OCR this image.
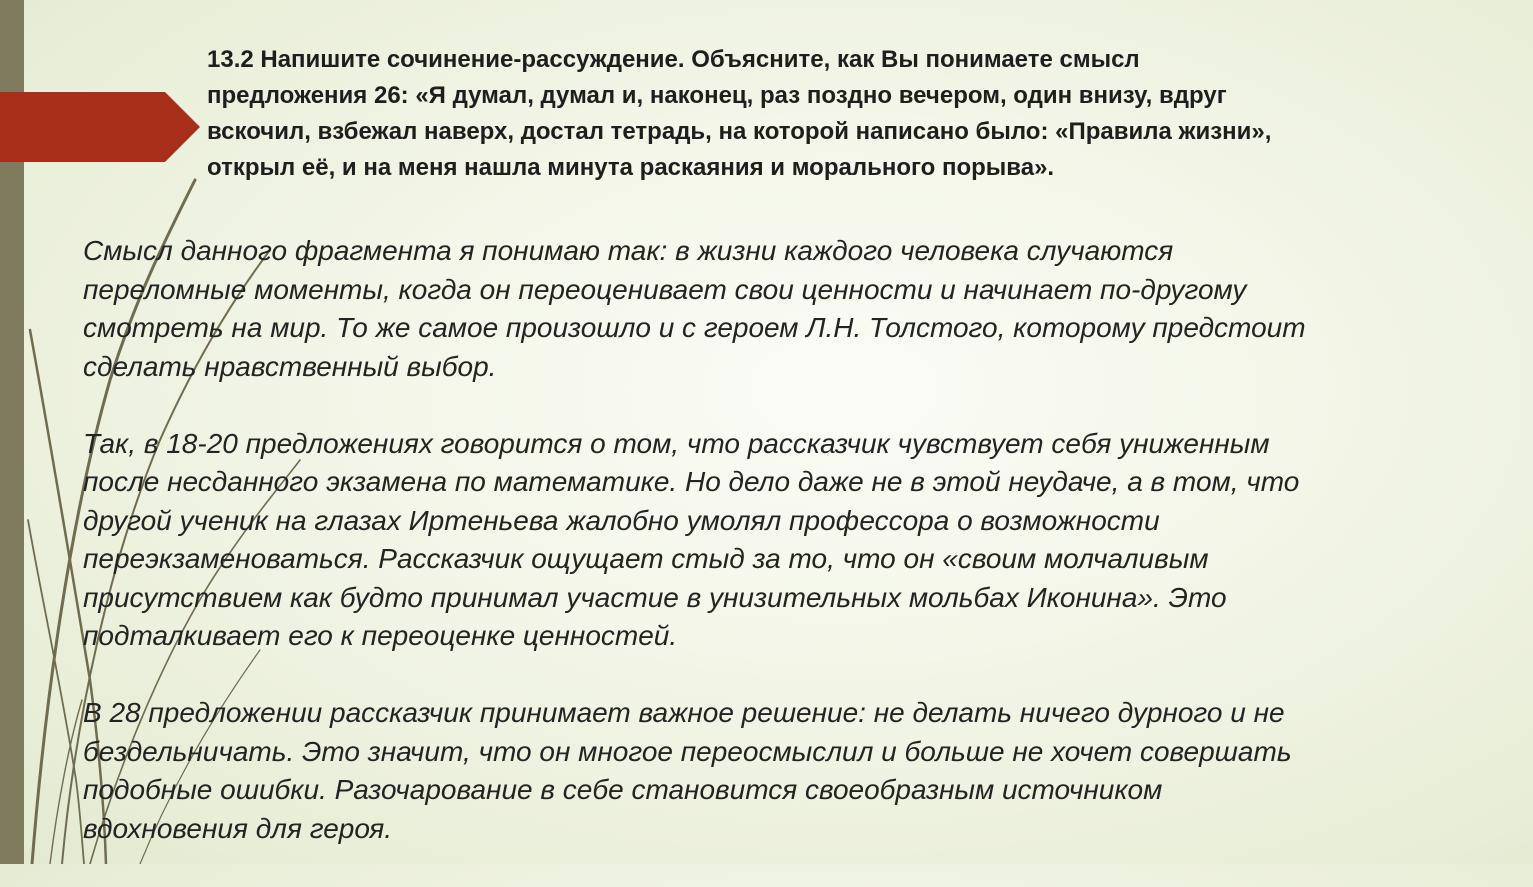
13.2 Напишите сочинение-рассуждение. Объясните, как Вы понимаете смысл

предложения 26: «Я думал, думал и, наконец, раз поздно вечером, один внизу, вдруг

вскочил, взбежал наверх, достал тетрадь, на которой написано было: «Правила жизни»,

открыл её, и на меня нашла минута раскаяния и морального порыва».

Смысл данного фрагмента я понимаю так: в жизни каждого человека случаются

переломные моменты, когда он переоценивает свои ценности и начинает по-другому

смотреть на мир. То же самое произошло и с героем Л.Н. Толстого, которому предстоит

сделать нравственный выбор.

Так, в 18-20 предложениях говорится о том, что рассказчик чувствует себя униженным

после несданного экзамена по математике. Но дело даже не в этой неудаче, а в том, что

другой ученик на глазах Иртеньева жалобно умолял профессора о возможности

переэкзаменоваться. Рассказчик ощущает стыд за то, что он «своим молчаливым

присутствием как будто принимал участие в унизительных мольбах Иконина». Это

подталкивает его к переоценке ценностей.

В 28 предложении рассказчик принимает важное решение: не делать ничего дурного и не

бездельничать. Это значит, что он многое переосмыслил и больше не хочет совершать

подобные ошибки. Разочарование в себе становится своеобразным источником

вдохновения для героя.
